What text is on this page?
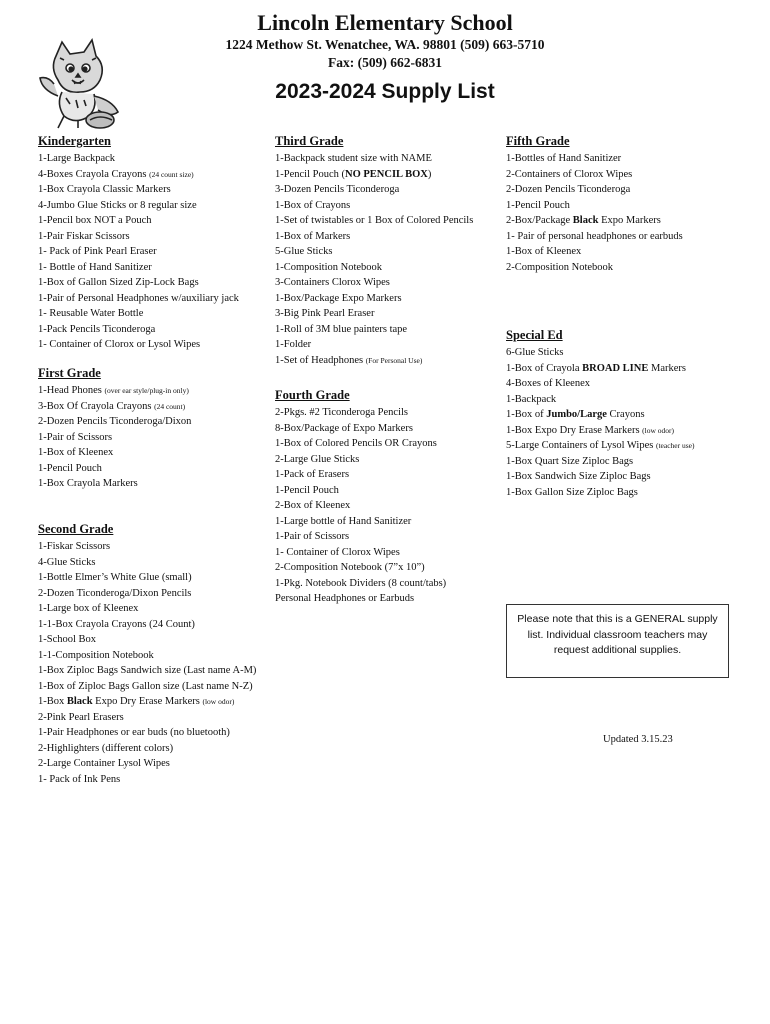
Lincoln Elementary School
1224 Methow St. Wenatchee, WA. 98801 (509) 663-5710
Fax: (509) 662-6831
2023-2024 Supply List
Kindergarten
1-Large Backpack
4-Boxes Crayola Crayons (24 count size)
1-Box Crayola Classic Markers
4-Jumbo Glue Sticks or 8 regular size
1-Pencil box NOT a Pouch
1-Pair Fiskar Scissors
1- Pack of Pink Pearl Eraser
1- Bottle of Hand Sanitizer
1-Box of Gallon Sized Zip-Lock Bags
1-Pair of Personal Headphones w/auxiliary jack
1- Reusable Water Bottle
1-Pack Pencils Ticonderoga
1- Container of Clorox or Lysol Wipes
First Grade
1-Head Phones (over ear style/plug-in only)
3-Box Of Crayola Crayons (24 count)
2-Dozen Pencils Ticonderoga/Dixon
1-Pair of Scissors
1-Box of Kleenex
1-Pencil Pouch
1-Box Crayola Markers
Second Grade
1-Fiskar Scissors
4-Glue Sticks
1-Bottle Elmer’s White Glue (small)
2-Dozen Ticonderoga/Dixon Pencils
1-Large box of Kleenex
1-1-Box Crayola Crayons (24 Count)
1-School Box
1-1-Composition Notebook
1-Box Ziploc Bags Sandwich size (Last name A-M)
1-Box of Ziploc Bags Gallon size (Last name N-Z)
1-Box Black Expo Dry Erase Markers (low odor)
2-Pink Pearl Erasers
1-Pair Headphones or ear buds (no bluetooth)
2-Highlighters (different colors)
2-Large Container Lysol Wipes
1- Pack of Ink Pens
Third Grade
1-Backpack student size with NAME
1-Pencil Pouch (NO PENCIL BOX)
3-Dozen Pencils Ticonderoga
1-Box of Crayons
1-Set of twistables or 1 Box of Colored Pencils
1-Box of Markers
5-Glue Sticks
1-Composition Notebook
3-Containers Clorox Wipes
1-Box/Package Expo Markers
3-Big Pink Pearl Eraser
1-Roll of 3M blue painters tape
1-Folder
1-Set of Headphones (For Personal Use)
Fourth Grade
2-Pkgs. #2 Ticonderoga Pencils
8-Box/Package of Expo Markers
1-Box of Colored Pencils OR Crayons
2-Large Glue Sticks
1-Pack of Erasers
1-Pencil Pouch
2-Box of Kleenex
1-Large bottle of Hand Sanitizer
1-Pair of Scissors
1- Container of Clorox Wipes
2-Composition Notebook (7”x 10”)
1-Pkg. Notebook Dividers (8 count/tabs)
Personal Headphones or Earbuds
Fifth Grade
1-Bottles of Hand Sanitizer
2-Containers of Clorox Wipes
2-Dozen Pencils Ticonderoga
1-Pencil Pouch
2-Box/Package Black Expo Markers
1- Pair of personal headphones or earbuds
1-Box of Kleenex
2-Composition Notebook
Special Ed
6-Glue Sticks
1-Box of Crayola BROAD LINE Markers
4-Boxes of Kleenex
1-Backpack
1-Box of Jumbo/Large Crayons
1-Box Expo Dry Erase Markers (low odor)
5-Large Containers of Lysol Wipes (teacher use)
1-Box Quart Size Ziploc Bags
1-Box Sandwich Size Ziploc Bags
1-Box Gallon Size Ziploc Bags
Please note that this is a GENERAL supply list. Individual classroom teachers may request additional supplies.
Updated 3.15.23
